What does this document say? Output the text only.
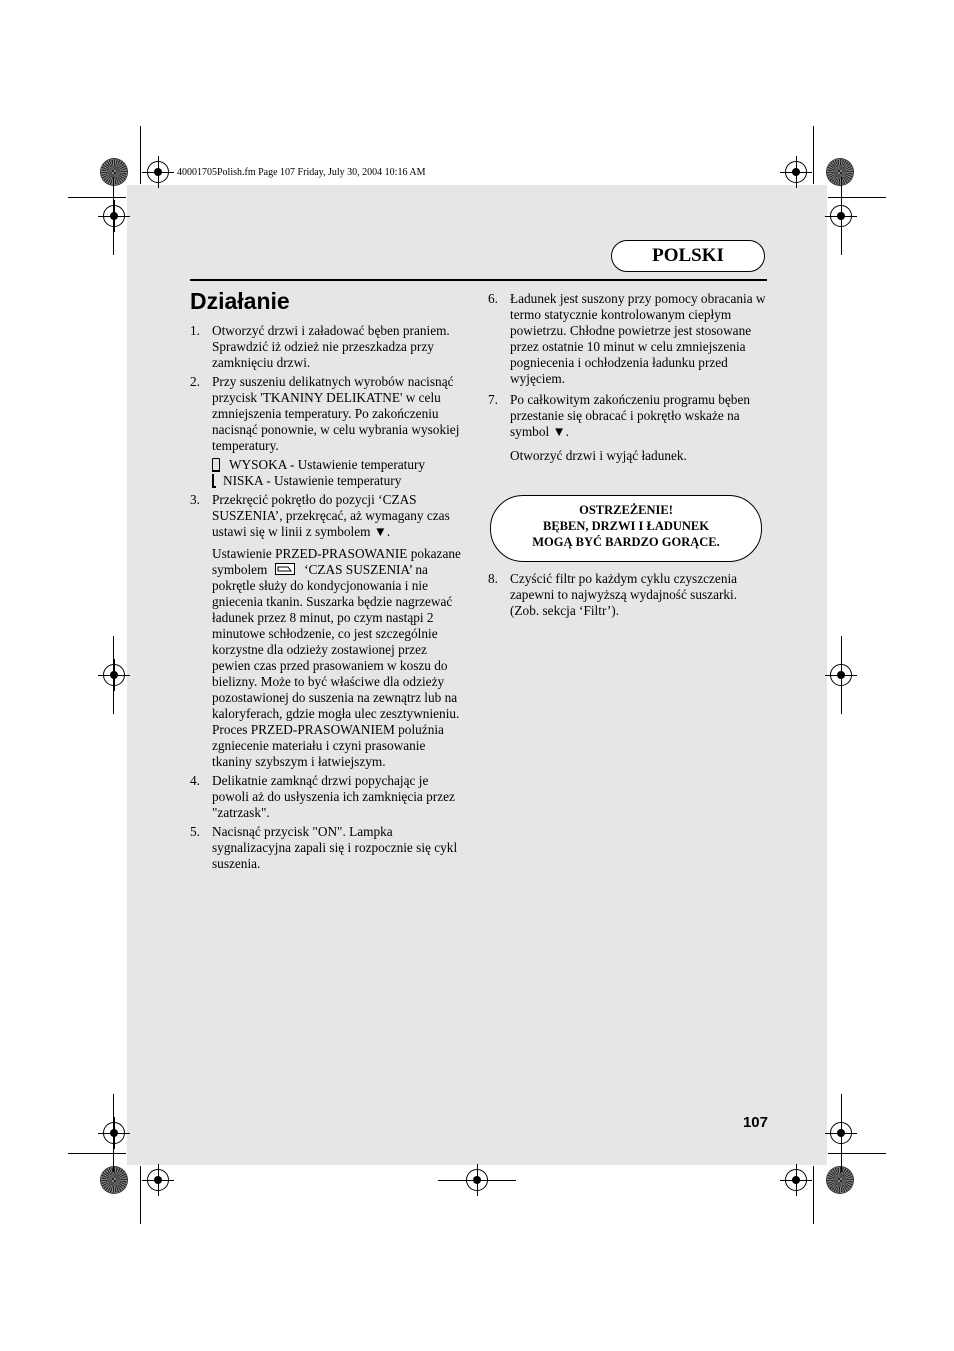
40001705Polish.fm Page 107 Friday, July 30, 2004 10:16 AM
POLSKI
Działanie
1. Otworzyć drzwi i załadować bęben praniem. Sprawdzić iż odzież nie przeszkadza przy zamknięciu drzwi.
2. Przy suszeniu delikatnych wyrobów nacisnąć przycisk 'TKANINY DELIKATNE' w celu zmniejszenia temperatury. Po zakończeniu nacisnąć ponownie, w celu wybrania wysokiej temperatury.
WYSOKA - Ustawienie temperatury
NISKA - Ustawienie temperatury
3. Przekręcić pokrętło do pozycji ‘CZAS SUSZENIA’, przekręcać, aż wymagany czas ustawi się w linii z symbolem ▼.
Ustawienie PRZED-PRASOWANIE pokazane symbolem	‘CZAS SUSZENIA’ na pokrętle służy do kondycjonowania i nie gniecenia tkanin. Suszarka będzie nagrzewać ładunek przez 8 minut, po czym nastąpi 2 minutowe schłodzenie, co jest szczególnie korzystne dla odzieży zostawionej przez pewien czas przed prasowaniem w koszu do bielizny. Może to być właściwe dla odzieży pozostawionej do suszenia na zewnątrz lub na kaloryferach, gdzie mogła ulec zesztywnieniu. Proces PRZED-PRASOWANIEM poluźnia zgniecenie materiału i czyni prasowanie tkaniny szybszym i łatwiejszym.
4. Delikatnie zamknąć drzwi popychając je powoli aż do usłyszenia ich zamknięcia przez "zatrzask".
5. Nacisnąć przycisk "ON". Lampka sygnalizacyjna zapali się i rozpocznie się cykl suszenia.
6. Ładunek jest suszony przy pomocy obracania w termo statycznie kontrolowanym ciepłym powietrzu. Chłodne powietrze jest stosowane przez ostatnie 10 minut w celu zmniejszenia pogniecenia i ochłodzenia ładunku przed wyjęciem.
7. Po całkowitym zakończeniu programu bęben przestanie się obracać i pokrętło wskaże na symbol ▼.
Otworzyć drzwi i wyjąć ładunek.
OSTRZEŻENIE!
BĘBEN, DRZWI I ŁADUNEK
MOGĄ BYĆ BARDZO GORĄCE.
8. Czyścić filtr po każdym cyklu czyszczenia zapewni to najwyższą wydajność suszarki. (Zob. sekcja ‘Filtr’).
107
